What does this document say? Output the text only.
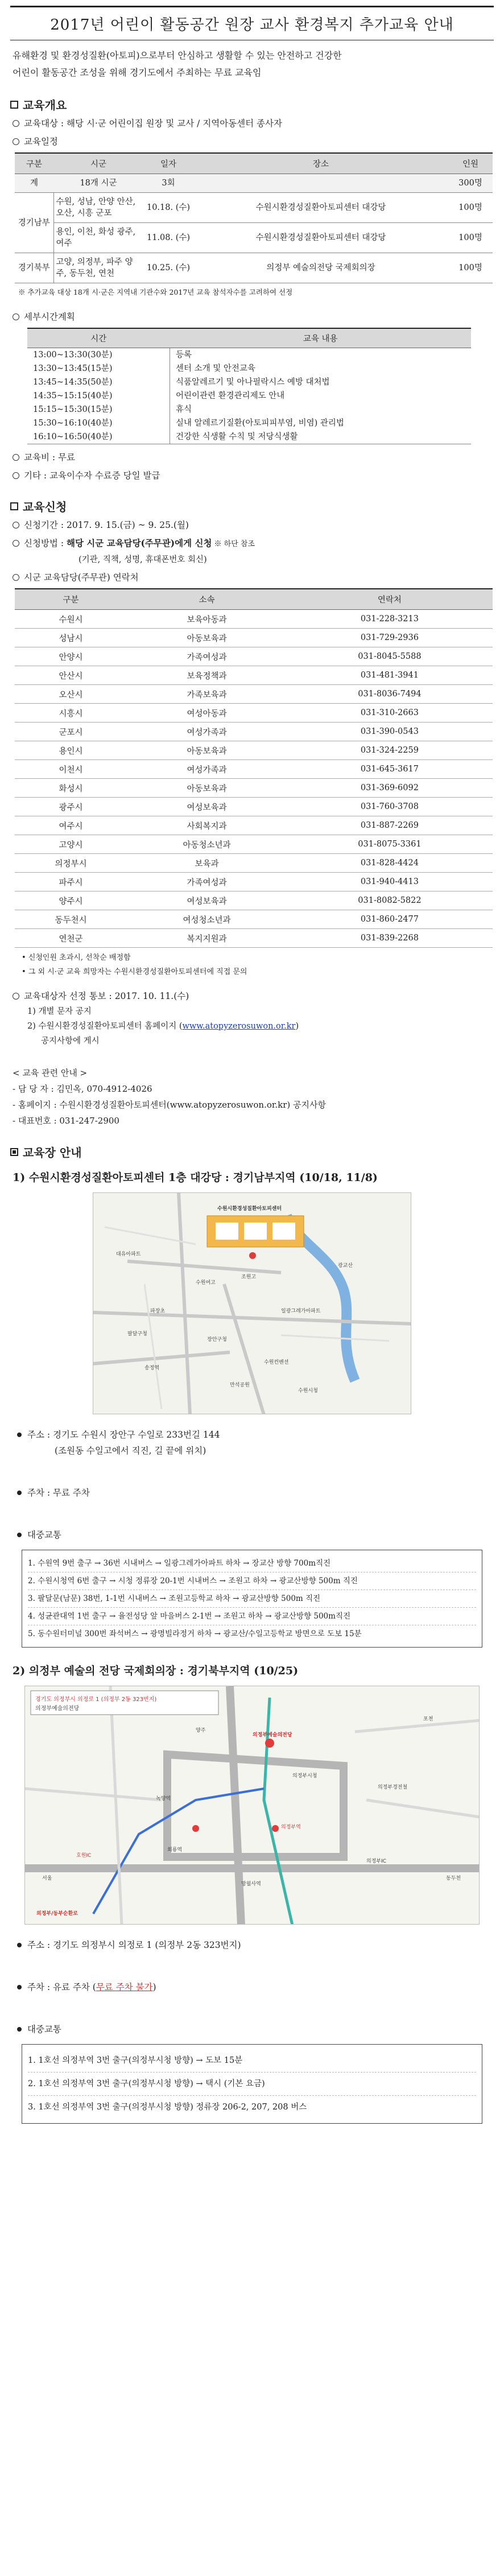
2017년 어린이 활동공간 원장 교사 환경복지 추가교육 안내
유해환경 및 환경성질환(아토피)으로부터 안심하고 생활할 수 있는 안전하고 건강한
어린이 활동공간 조성을 위해 경기도에서 주최하는 무료 교육임
교육개요
교육대상 : 해당 시·군 어린이집 원장 및 교사 / 지역아동센터 종사자
교육일정
구분	시군	일자	장소	인원
계	18개 시군	3회		300명
경기남부	수원, 성남, 안양 안산, 오산, 시흥 군포	10.18. (수)	수원시환경성질환아토피센터 대강당	100명
	용인, 이천, 화성 광주, 여주	11.08. (수)	수원시환경성질환아토피센터 대강당	100명
경기북부	고양, 의정부, 파주 양주, 동두천, 연천	10.25. (수)	의정부 예술의전당 국제회의장	100명
※ 추가교육 대상 18개 시·군은 지역내 기관수와 2017년 교육 참석자수를 고려하여 선정
세부시간계획
시간	교육 내용
13:00~13:30(30분)	등록
13:30~13:45(15분)	센터 소개 및 안전교육
13:45~14:35(50분)	식품알레르기 및 아나필락시스 예방 대처법
14:35~15:15(40분)	어린이관련 환경관리제도 안내
15:15~15:30(15분)	휴식
15:30~16:10(40분)	실내 알레르기질환(아토피피부염, 비염) 관리법
16:10~16:50(40분)	건강한 식생활 수칙 및 저당식생활
교육비 : 무료
기타 : 교육이수자 수료증 당일 발급
교육신청
신청기간 : 2017. 9. 15.(금) ~ 9. 25.(월)
신청방법 : 해당 시군 교육담당(주무관)에게 신청 ※ 하단 참조
(기관, 직책, 성명, 휴대폰번호 회신)
시군 교육담당(주무관) 연락처
구분	소속	연락처
수원시	보육아동과	031-228-3213
성남시	아동보육과	031-729-2936
안양시	가족여성과	031-8045-5588
안산시	보육정책과	031-481-3941
오산시	가족보육과	031-8036-7494
시흥시	여성아동과	031-310-2663
군포시	여성가족과	031-390-0543
용인시	아동보육과	031-324-2259
이천시	여성가족과	031-645-3617
화성시	아동보육과	031-369-6092
광주시	여성보육과	031-760-3708
여주시	사회복지과	031-887-2269
고양시	아동청소년과	031-8075-3361
의정부시	보육과	031-828-4424
파주시	가족여성과	031-940-4413
양주시	여성보육과	031-8082-5822
동두천시	여성청소년과	031-860-2477
연천군	복지지원과	031-839-2268
• 신청인원 초과시, 선착순 배정함
• 그 외 시·군 교육 희망자는 수원시환경성질환아토피센터에 직접 문의
교육대상자 선정 통보 : 2017. 10. 11.(수)
1) 개별 문자 공지
2) 수원시환경성질환아토피센터 홈페이지 (www.atopyzerosuwon.or.kr)
공지사항에 게시
< 교육 관련 안내 >
- 담 당 자 : 김민옥, 070-4912-4026
- 홈페이지 : 수원시환경성질환아토피센터(www.atopyzerosuwon.or.kr) 공지사항
- 대표번호 : 031-247-2900
교육장 안내
1) 수원시환경성질환아토피센터 1층 대강당 : 경기남부지역 (10/18, 11/8)
수원시환경성질환아토피센터
대유아파트
광교산
수원여고
조원고
팔달구청
장안구청
송정역
수원컨벤션
만석공원
수원시청
일광그레가아파트
파장초
주소 : 경기도 수원시 장안구 수일로 233번길 144
(조원동 수일고에서 직진, 길 끝에 위치)
주차 : 무료 주차
대중교통
1. 수원역 9번 출구 → 36번 시내버스 → 일광그레가아파트 하차 → 장교산 방향 700m직진
2. 수원시청역 6번 출구 → 시청 정류장 20-1번 시내버스 → 조원고 하차 → 광교산방향 500m 직진
3. 팔달문(남문) 38번, 1-1번 시내버스 → 조원고등학교 하차 → 광교산방향 500m 직진
4. 성균관대역 1번 출구 → 율전성당 앞 마을버스 2-1번 → 조원고 하차 → 광교산방향 500m직진
5. 동수원터미널 300번 좌석버스 → 광명빌라정거 하차 → 광교산/수일고등학교 방면으로 도보 15분
2) 의정부 예술의 전당 국제회의장 : 경기북부지역 (10/25)
경기도 의정부시 의정로 1 (의정부 2동 323번지)
의정부예술의전당
의정부예술의전당
의정부시청
의정부역
동두천
서울
호원IC
녹양역
회룡역
망월사역
의정부IC
의정부경전철
의정부/동부순환로
양주
포천
주소 : 경기도 의정부시 의정로 1 (의정부 2동 323번지)
주차 : 유료 주차 (무료 주차 불가)
대중교통
1. 1호선 의정부역 3번 출구(의정부시청 방향) → 도보 15분
2. 1호선 의정부역 3번 출구(의정부시청 방향) → 택시 (기본 요금)
3. 1호선 의정부역 3번 출구(의정부시청 방향) 정류장 206-2, 207, 208 버스
